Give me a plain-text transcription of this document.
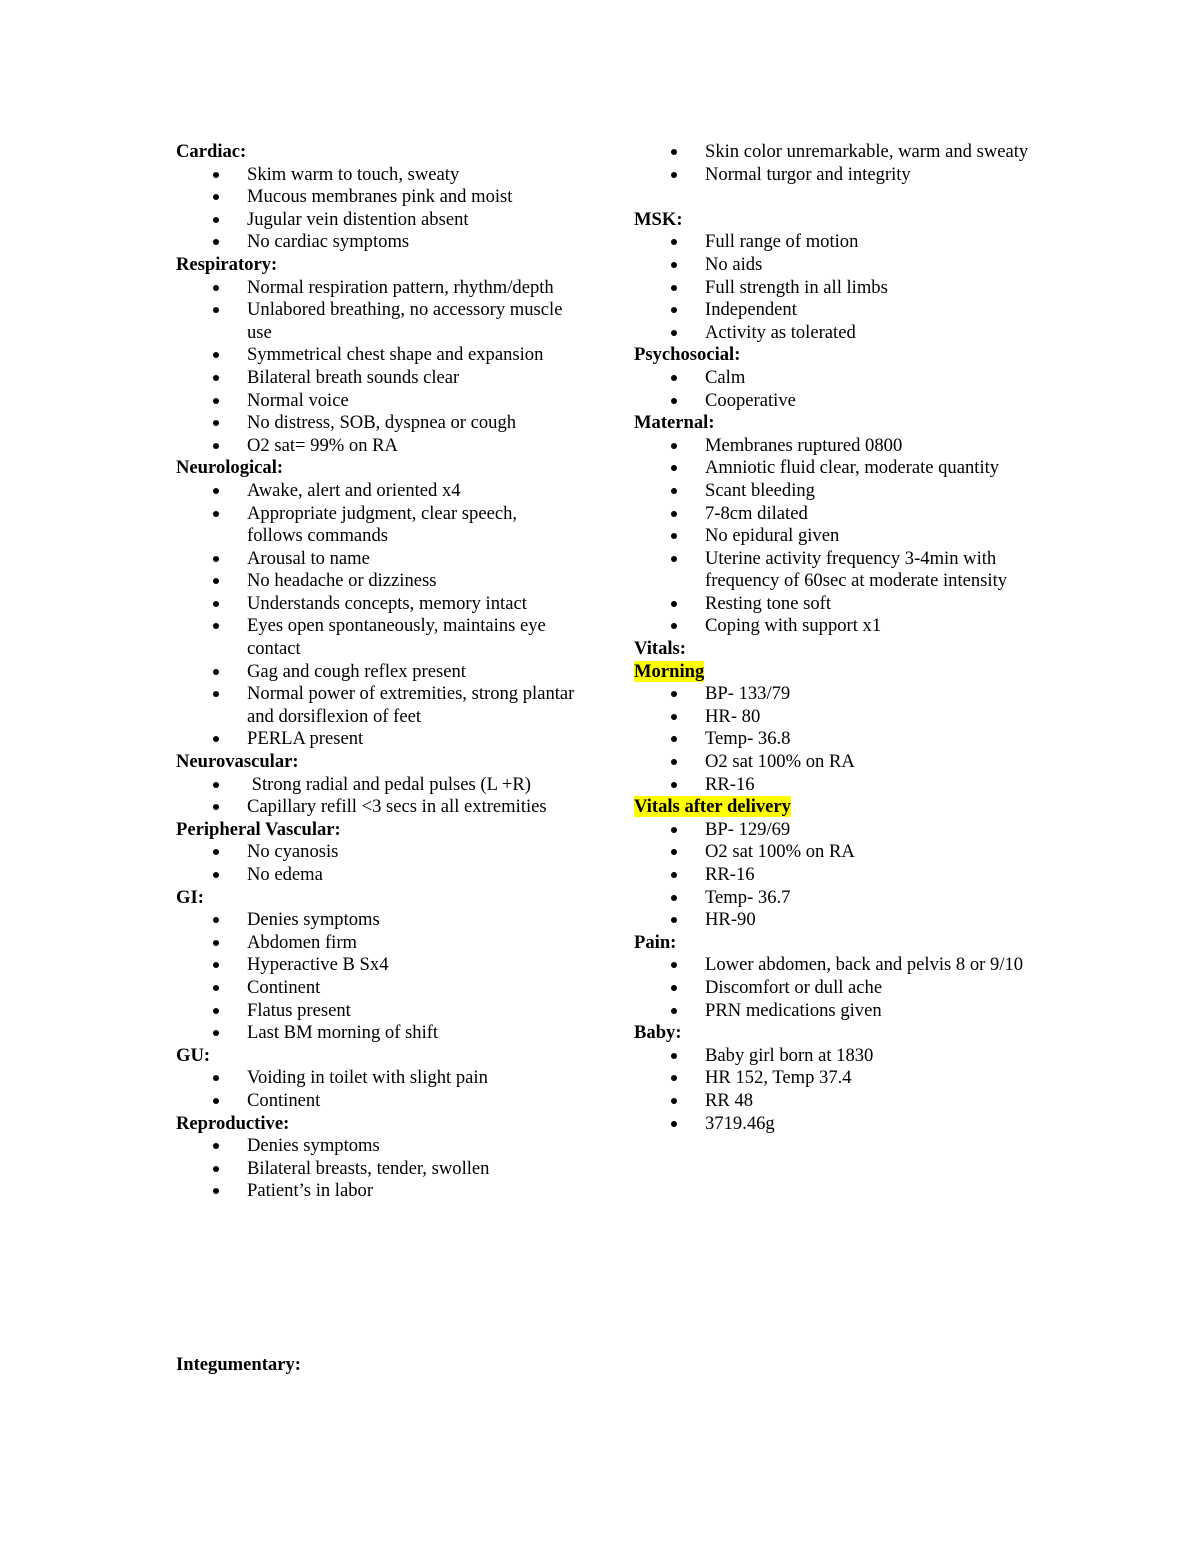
Cardiac:
Skim warm to touch, sweaty
Mucous membranes pink and moist
Jugular vein distention absent
No cardiac symptoms
Respiratory:
Normal respiration pattern, rhythm/depth
Unlabored breathing, no accessory muscle use
Symmetrical chest shape and expansion
Bilateral breath sounds clear
Normal voice
No distress, SOB, dyspnea or cough
O2 sat= 99% on RA
Neurological:
Awake, alert and oriented x4
Appropriate judgment, clear speech, follows commands
Arousal to name
No headache or dizziness
Understands concepts, memory intact
Eyes open spontaneously, maintains eye contact
Gag and cough reflex present
Normal power of extremities, strong plantar and dorsiflexion of feet
PERLA present
Neurovascular:
Strong radial and pedal pulses (L +R)
Capillary refill <3 secs in all extremities
Peripheral Vascular:
No cyanosis
No edema
GI:
Denies symptoms
Abdomen firm
Hyperactive B Sx4
Continent
Flatus present
Last BM morning of shift
GU:
Voiding in toilet with slight pain
Continent
Reproductive:
Denies symptoms
Bilateral breasts, tender, swollen
Patient’s in labor
Skin color unremarkable, warm and sweaty
Normal turgor and integrity
MSK:
Full range of motion
No aids
Full strength in all limbs
Independent
Activity as tolerated
Psychosocial:
Calm
Cooperative
Maternal:
Membranes ruptured 0800
Amniotic fluid clear, moderate quantity
Scant bleeding
7-8cm dilated
No epidural given
Uterine activity frequency 3-4min with frequency of 60sec at moderate intensity
Resting tone soft
Coping with support x1
Vitals:
Morning
BP- 133/79
HR- 80
Temp- 36.8
O2 sat 100% on RA
RR-16
Vitals after delivery
BP- 129/69
O2 sat 100% on RA
RR-16
Temp- 36.7
HR-90
Pain:
Lower abdomen, back and pelvis 8 or 9/10
Discomfort or dull ache
PRN medications given
Baby:
Baby girl born at 1830
HR 152, Temp 37.4
RR 48
3719.46g
Integumentary:
